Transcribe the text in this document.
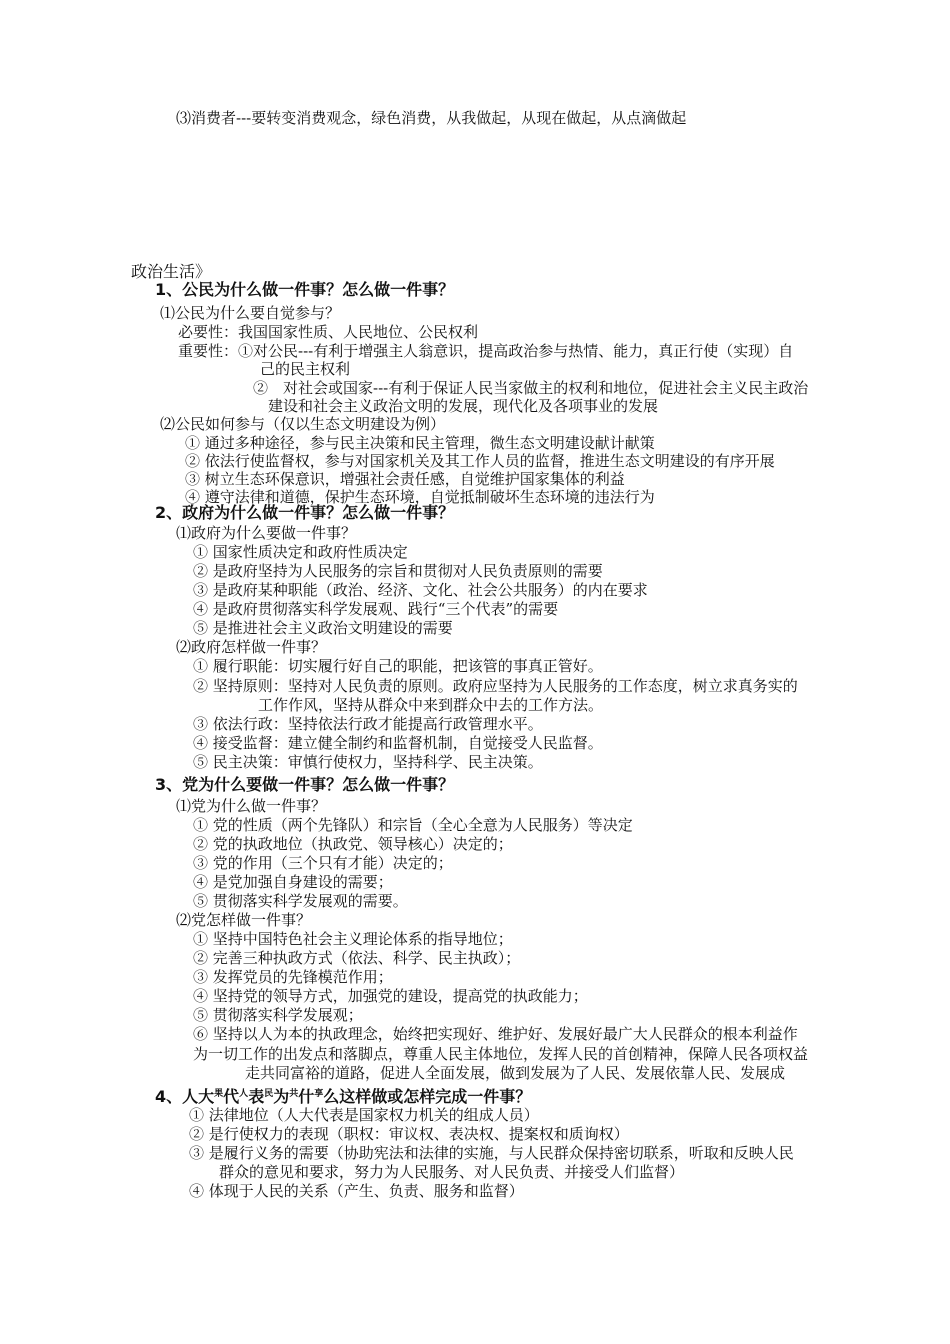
⑶消费者---要转变消费观念，绿色消费，从我做起，从现在做起，从点滴做起
政治生活》
1、公民为什么做一件事？怎么做一件事？
⑴公民为什么要自觉参与？
必要性：我国国家性质、人民地位、公民权利
重要性：①对公民---有利于增强主人翁意识，提高政治参与热情、能力，真正行使（实现）自
己的民主权利
②　对社会或国家---有利于保证人民当家做主的权利和地位，促进社会主义民主政治
建设和社会主义政治文明的发展，现代化及各项事业的发展
⑵公民如何参与（仅以生态文明建设为例）
① 通过多种途径，参与民主决策和民主管理，微生态文明建设献计献策
② 依法行使监督权，参与对国家机关及其工作人员的监督，推进生态文明建设的有序开展
③ 树立生态环保意识，增强社会责任感，自觉维护国家集体的利益
④ 遵守法律和道德，保护生态环境，自觉抵制破坏生态环境的违法行为
2、政府为什么做一件事？怎么做一件事？
⑴政府为什么要做一件事？
① 国家性质决定和政府性质决定
② 是政府坚持为人民服务的宗旨和贯彻对人民负责原则的需要
③ 是政府某种职能（政治、经济、文化、社会公共服务）的内在要求
④ 是政府贯彻落实科学发展观、践行“三个代表”的需要
⑤ 是推进社会主义政治文明建设的需要
⑵政府怎样做一件事？
① 履行职能：切实履行好自己的职能，把该管的事真正管好。
② 坚持原则：坚持对人民负责的原则。政府应坚持为人民服务的工作态度，树立求真务实的
工作作风，坚持从群众中来到群众中去的工作方法。
③ 依法行政：坚持依法行政才能提高行政管理水平。
④ 接受监督：建立健全制约和监督机制，自觉接受人民监督。
⑤ 民主决策：审慎行使权力，坚持科学、民主决策。
3、党为什么要做一件事？怎么做一件事？
⑴党为什么做一件事？
① 党的性质（两个先锋队）和宗旨（全心全意为人民服务）等决定
② 党的执政地位（执政党、领导核心）决定的；
③ 党的作用（三个只有才能）决定的；
④ 是党加强自身建设的需要；
⑤ 贯彻落实科学发展观的需要。
⑵党怎样做一件事？
① 坚持中国特色社会主义理论体系的指导地位；
② 完善三种执政方式（依法、科学、民主执政）；
③ 发挥党员的先锋模范作用；
④ 坚持党的领导方式，加强党的建设，提高党的执政能力；
⑤ 贯彻落实科学发展观；
⑥ 坚持以人为本的执政理念，始终把实现好、维护好、发展好最广大人民群众的根本利益作
为一切工作的出发点和落脚点，尊重人民主体地位，发挥人民的首创精神，保障人民各项权益
走共同富裕的道路，促进人全面发展，做到发展为了人民、发展依靠人民、发展成
4、人大$^果$代$^人$表$^民$为$^共$什$^享$么这样做或怎样完成一件事？
① 法律地位（人大代表是国家权力机关的组成人员）
② 是行使权力的表现（职权：审议权、表决权、提案权和质询权）
③ 是履行义务的需要（协助宪法和法律的实施，与人民群众保持密切联系，听取和反映人民
群众的意见和要求，努力为人民服务、对人民负责、并接受人们监督）
④ 体现于人民的关系（产生、负责、服务和监督）
